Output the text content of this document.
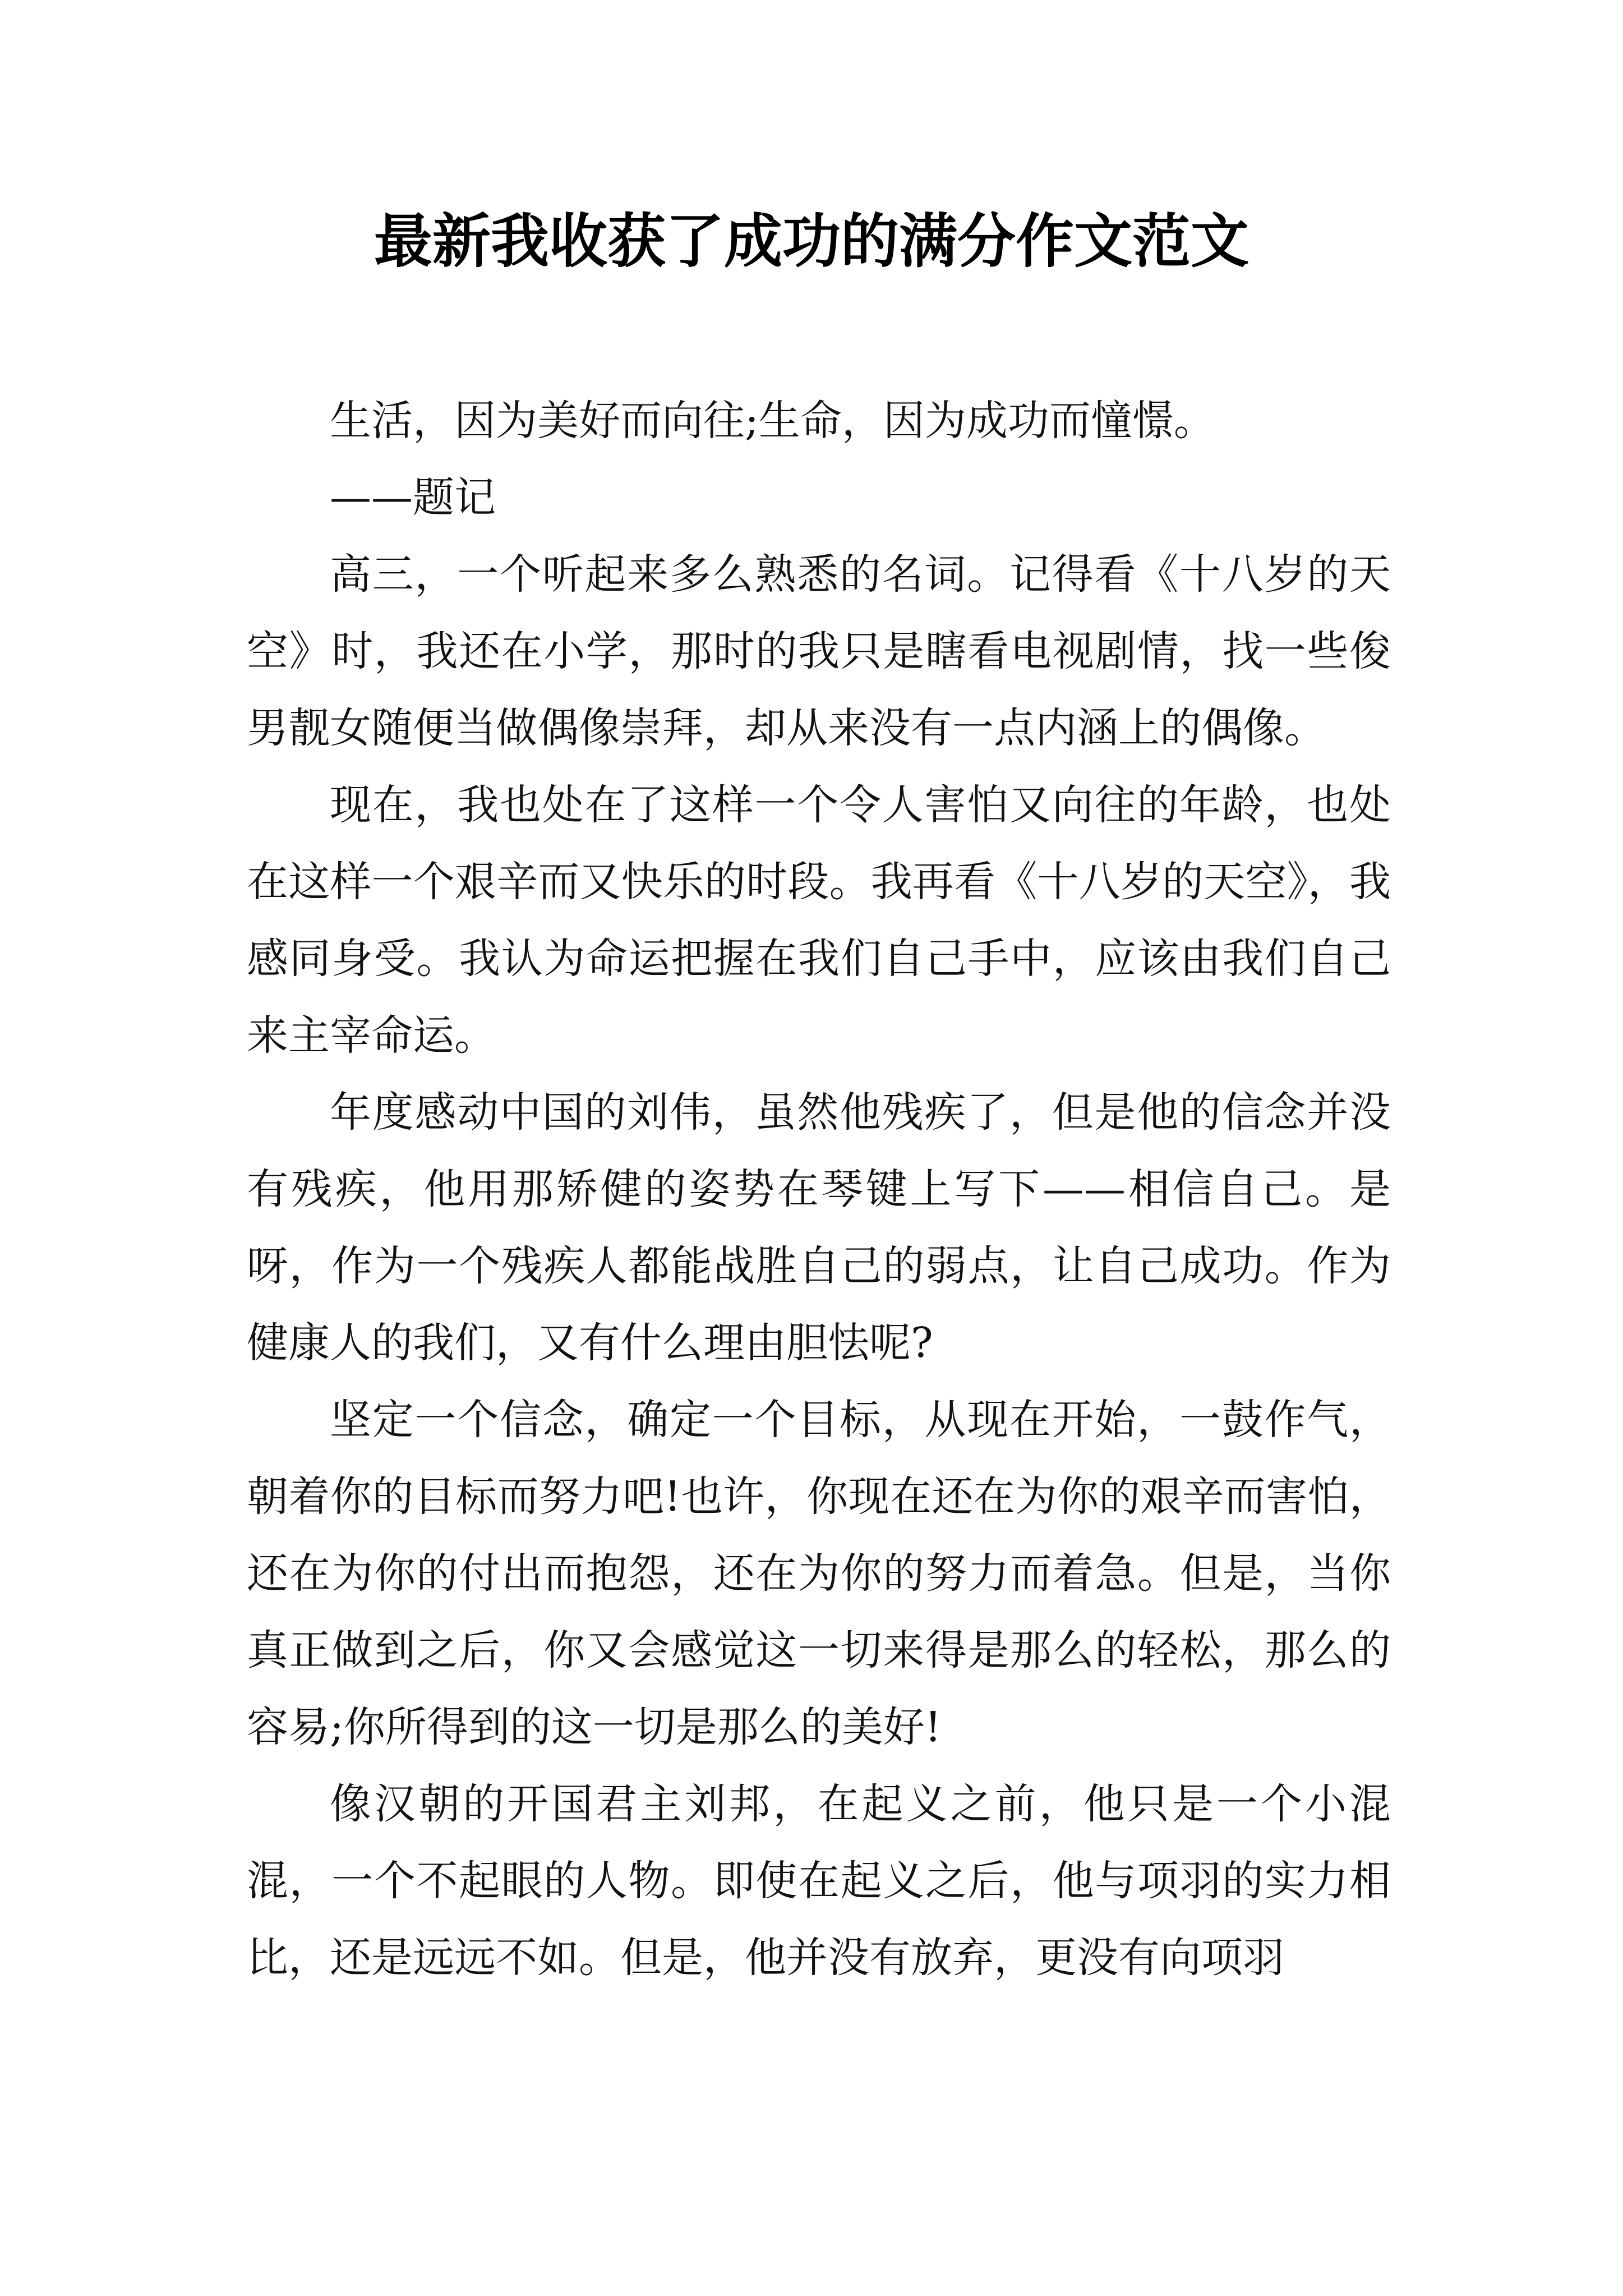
最新我收获了成功的满分作文范文

生活，因为美好而向往;生命，因为成功而憧憬。

——题记

高三，一个听起来多么熟悉的名词。记得看《十八岁的天空》时，我还在小学，那时的我只是瞎看电视剧情，找一些俊男靓女随便当做偶像崇拜，却从来没有一点内涵上的偶像。

现在，我也处在了这样一个令人害怕又向往的年龄，也处在这样一个艰辛而又快乐的时段。我再看《十八岁的天空》，我感同身受。我认为命运把握在我们自己手中，应该由我们自己来主宰命运。

年度感动中国的刘伟，虽然他残疾了，但是他的信念并没有残疾，他用那矫健的姿势在琴键上写下——相信自己。是呀，作为一个残疾人都能战胜自己的弱点，让自己成功。作为健康人的我们，又有什么理由胆怯呢?

坚定一个信念，确定一个目标，从现在开始，一鼓作气，朝着你的目标而努力吧!也许，你现在还在为你的艰辛而害怕，还在为你的付出而抱怨，还在为你的努力而着急。但是，当你真正做到之后，你又会感觉这一切来得是那么的轻松，那么的容易;你所得到的这一切是那么的美好!

像汉朝的开国君主刘邦，在起义之前，他只是一个小混混，一个不起眼的人物。即使在起义之后，他与项羽的实力相比，还是远远不如。但是，他并没有放弃，更没有向项羽
